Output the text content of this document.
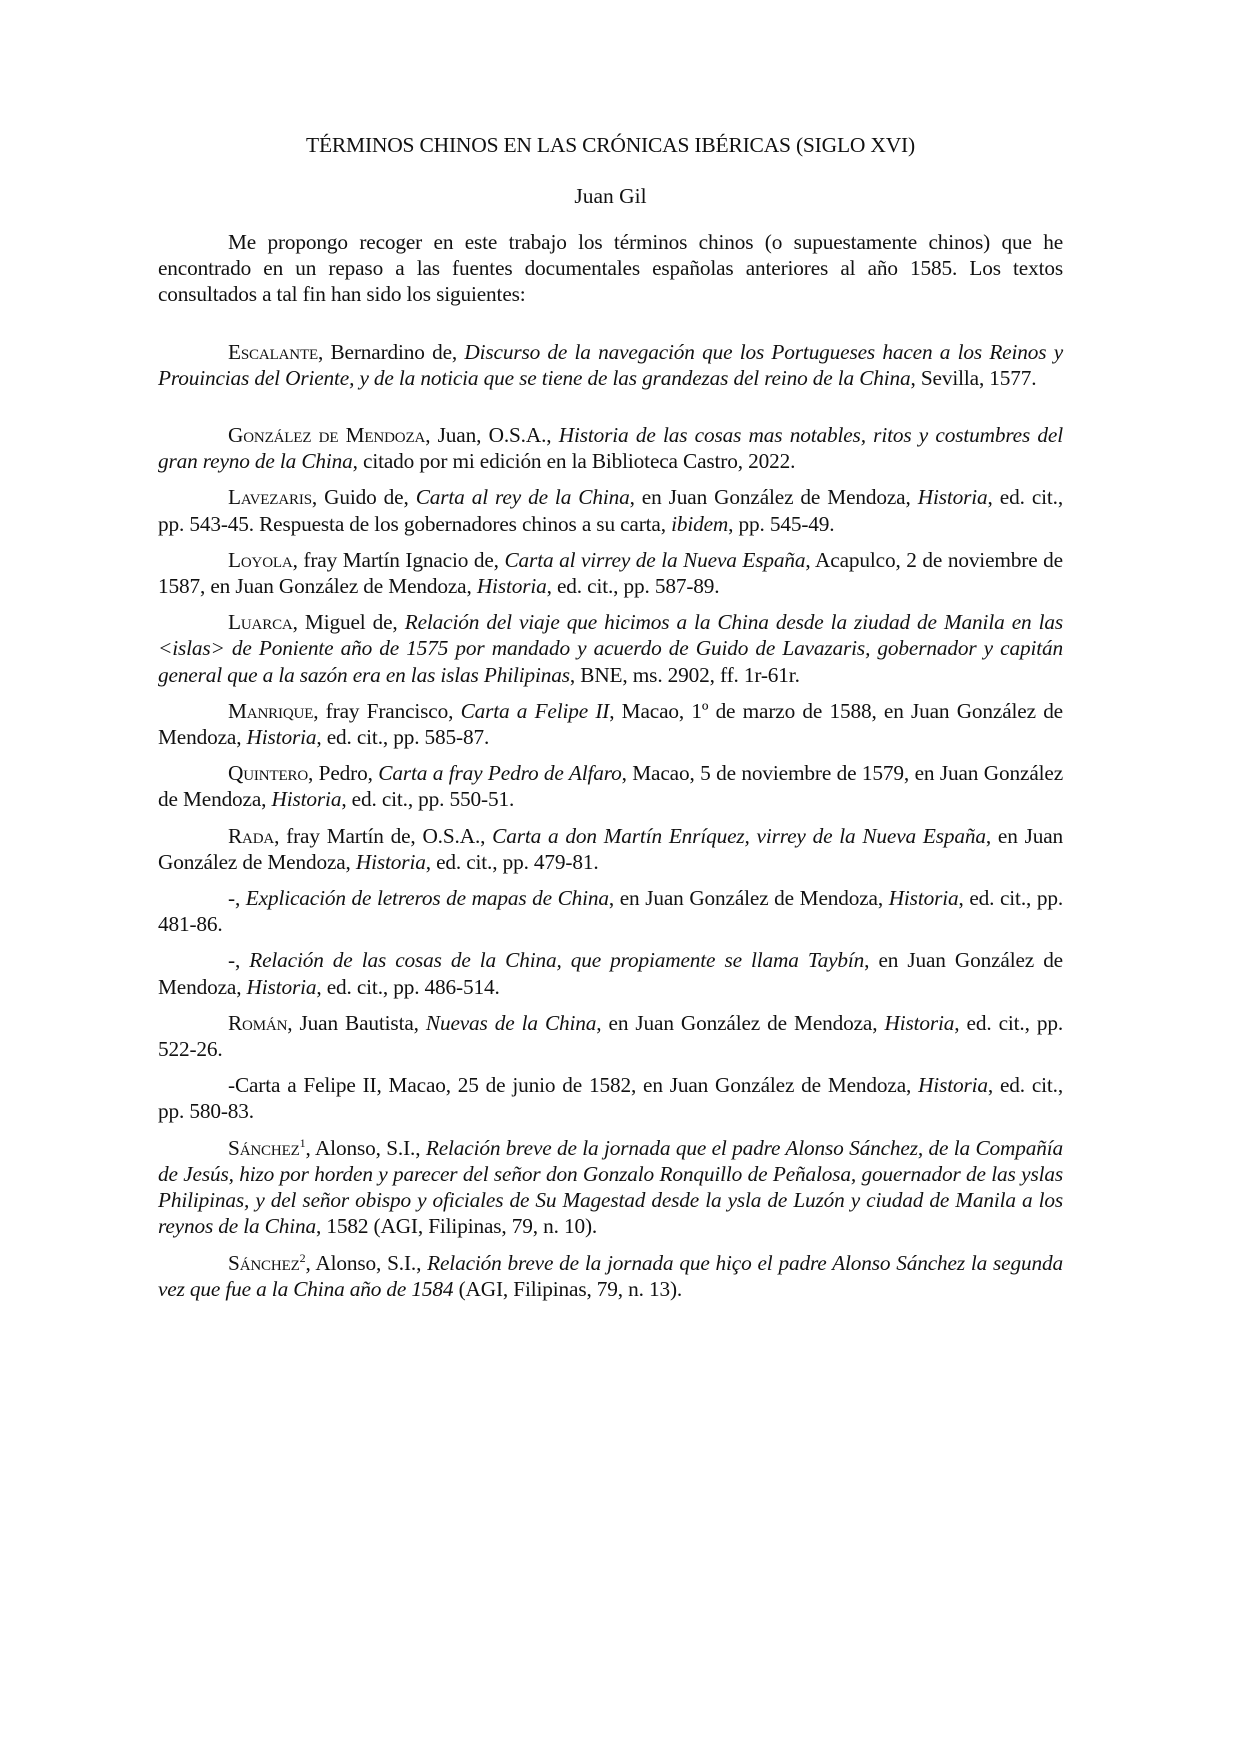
TÉRMINOS CHINOS EN LAS CRÓNICAS IBÉRICAS (SIGLO XVI)
Juan Gil

Me propongo recoger en este trabajo los términos chinos (o supuestamente chinos) que he encontrado en un repaso a las fuentes documentales españolas anteriores al año 1585. Los textos consultados a tal fin han sido los siguientes:

Escalante, Bernardino de, Discurso de la navegación que los Portugueses hacen a los Reinos y Prouincias del Oriente, y de la noticia que se tiene de las grandezas del reino de la China, Sevilla, 1577.

González de Mendoza, Juan, O.S.A., Historia de las cosas mas notables, ritos y costumbres del gran reyno de la China, citado por mi edición en la Biblioteca Castro, 2022.

Lavezaris, Guido de, Carta al rey de la China, en Juan González de Mendoza, Historia, ed. cit., pp. 543-45. Respuesta de los gobernadores chinos a su carta, ibidem, pp. 545-49.

Loyola, fray Martín Ignacio de, Carta al virrey de la Nueva España, Acapulco, 2 de noviembre de 1587, en Juan González de Mendoza, Historia, ed. cit., pp. 587-89.

Luarca, Miguel de, Relación del viaje que hicimos a la China desde la ziudad de Manila en las <islas> de Poniente año de 1575 por mandado y acuerdo de Guido de Lavazaris, gobernador y capitán general que a la sazón era en las islas Philipinas, BNE, ms. 2902, ff. 1r-61r.

Manrique, fray Francisco, Carta a Felipe II, Macao, 1º de marzo de 1588, en Juan González de Mendoza, Historia, ed. cit., pp. 585-87.

Quintero, Pedro, Carta a fray Pedro de Alfaro, Macao, 5 de noviembre de 1579, en Juan González de Mendoza, Historia, ed. cit., pp. 550-51.

Rada, fray Martín de, O.S.A., Carta a don Martín Enríquez, virrey de la Nueva España, en Juan González de Mendoza, Historia, ed. cit., pp. 479-81.

-, Explicación de letreros de mapas de China, en Juan González de Mendoza, Historia, ed. cit., pp. 481-86.

-, Relación de las cosas de la China, que propiamente se llama Taybín, en Juan González de Mendoza, Historia, ed. cit., pp. 486-514.

Román, Juan Bautista, Nuevas de la China, en Juan González de Mendoza, Historia, ed. cit., pp. 522-26.

-Carta a Felipe II, Macao, 25 de junio de 1582, en Juan González de Mendoza, Historia, ed. cit., pp. 580-83.

Sánchez$^1$, Alonso, S.I., Relación breve de la jornada que el padre Alonso Sánchez, de la Compañía de Jesús, hizo por horden y parecer del señor don Gonzalo Ronquillo de Peñalosa, gouernador de las yslas Philipinas, y del señor obispo y oficiales de Su Magestad desde la ysla de Luzón y ciudad de Manila a los reynos de la China, 1582 (AGI, Filipinas, 79, n. 10).

Sánchez$^2$, Alonso, S.I., Relación breve de la jornada que hiço el padre Alonso Sánchez la segunda vez que fue a la China año de 1584 (AGI, Filipinas, 79, n. 13).
